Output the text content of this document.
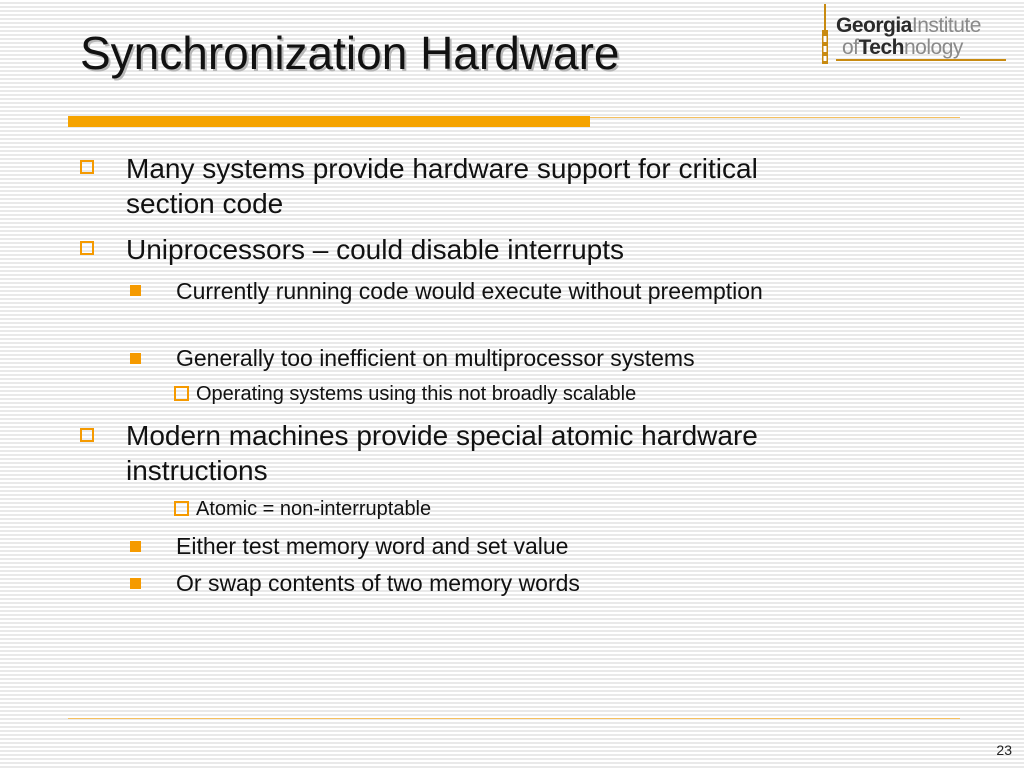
Synchronization Hardware
GeorgiaInstitute
ofTechnology
Many systems provide hardware support for critical section code
Uniprocessors – could disable interrupts
Currently running code would execute without preemption
Generally too inefficient on multiprocessor systems
Operating systems using this not broadly scalable
Modern machines provide special atomic hardware instructions
Atomic = non-interruptable
Either test memory word and set value
Or swap contents of two memory words
23
